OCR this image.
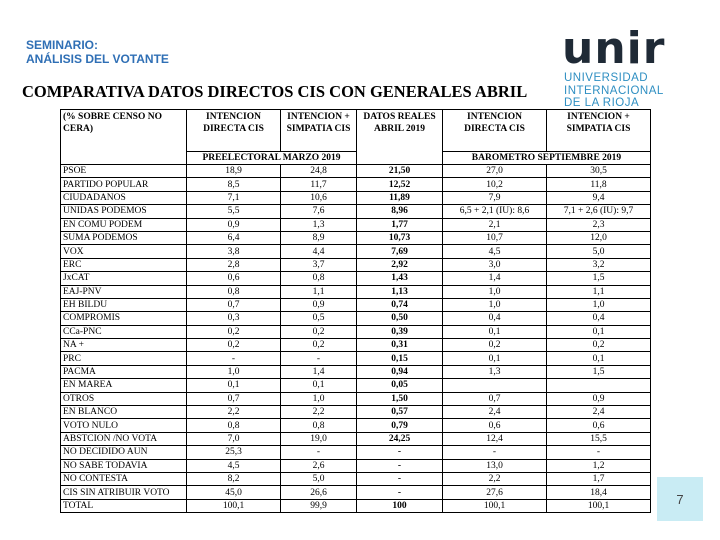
SEMINARIO:
ANÁLISIS DEL VOTANTE	unir
UNIVERSIDAD
INTERNACIONAL
DE LA RIOJA
COMPARATIVA DATOS DIRECTOS CIS CON GENERALES ABRIL
(% SOBRE CENSO NO CERA)	INTENCION DIRECTA CIS	INTENCION + SIMPATIA CIS	DATOS REALES ABRIL 2019	INTENCION DIRECTA CIS	INTENCION + SIMPATIA CIS
	PREELECTORAL MARZO 2019			BAROMETRO SEPTIEMBRE 2019	
PSOE	18,9	24,8	21,50	27,0	30,5
PARTIDO POPULAR	8,5	11,7	12,52	10,2	11,8
CIUDADANOS	7,1	10,6	11,89	7,9	9,4
UNIDAS PODEMOS	5,5	7,6	8,96	6,5 + 2,1 (IU): 8,6	7,1 + 2,6 (IU): 9,7
EN COMU PODEM	0,9	1,3	1,77	2,1	2,3
SUMA PODEMOS	6,4	8,9	10,73	10,7	12,0
VOX	3,8	4,4	7,69	4,5	5,0
ERC	2,8	3,7	2,92	3,0	3,2
JxCAT	0,6	0,8	1,43	1,4	1,5
EAJ-PNV	0,8	1,1	1,13	1,0	1,1
EH BILDU	0,7	0,9	0,74	1,0	1,0
COMPROMIS	0,3	0,5	0,50	0,4	0,4
CCa-PNC	0,2	0,2	0,39	0,1	0,1
NA +	0,2	0,2	0,31	0,2	0,2
PRC	-	-	0,15	0,1	0,1
PACMA	1,0	1,4	0,94	1,3	1,5
EN MAREA	0,1	0,1	0,05		
OTROS	0,7	1,0	1,50	0,7	0,9
EN BLANCO	2,2	2,2	0,57	2,4	2,4
VOTO NULO	0,8	0,8	0,79	0,6	0,6
ABSTCION /NO VOTA	7,0	19,0	24,25	12,4	15,5
NO DECIDIDO AUN	25,3	-	-	-	-
NO SABE TODAVIA	4,5	2,6	-	13,0	1,2
NO CONTESTA	8,2	5,0	-	2,2	1,7
CIS SIN ATRIBUIR VOTO	45,0	26,6	-	27,6	18,4
TOTAL	100,1	99,9	100	100,1	100,1	7
